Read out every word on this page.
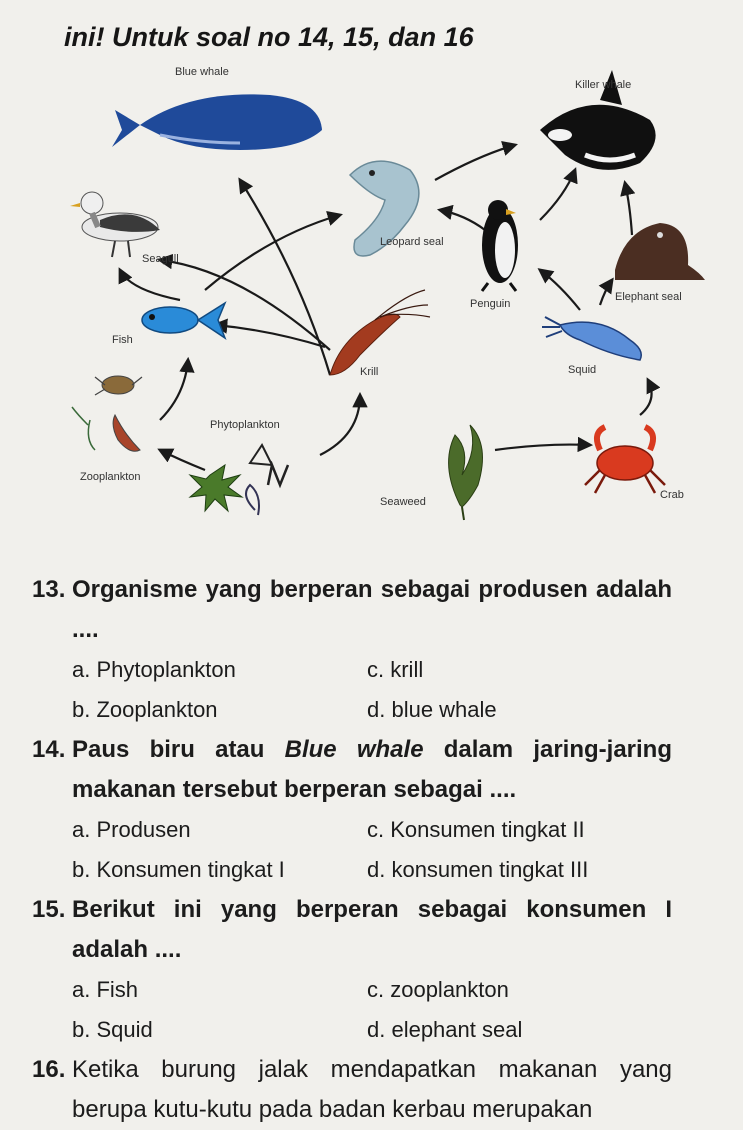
ini! Untuk soal no 14, 15, dan 16
Blue whale
Killer whale
Seagull
Leopard seal
Penguin
Elephant seal
Fish
Krill	Squid
Phytoplankton
Zooplankton
Seaweed
Crab
13. Organisme yang berperan sebagai produsen adalah ....
a. Phytoplankton	c. krill
b. Zooplankton	d. blue whale
14. Paus biru atau Blue whale dalam jaring-jaring makanan tersebut berperan sebagai ....
a. Produsen	c. Konsumen tingkat II
b. Konsumen tingkat I	d. konsumen tingkat III
15. Berikut ini yang berperan sebagai konsumen I adalah ....
a. Fish	c. zooplankton
b. Squid	d. elephant seal
16. Ketika burung jalak mendapatkan makanan yang berupa kutu-kutu pada badan kerbau merupakan
